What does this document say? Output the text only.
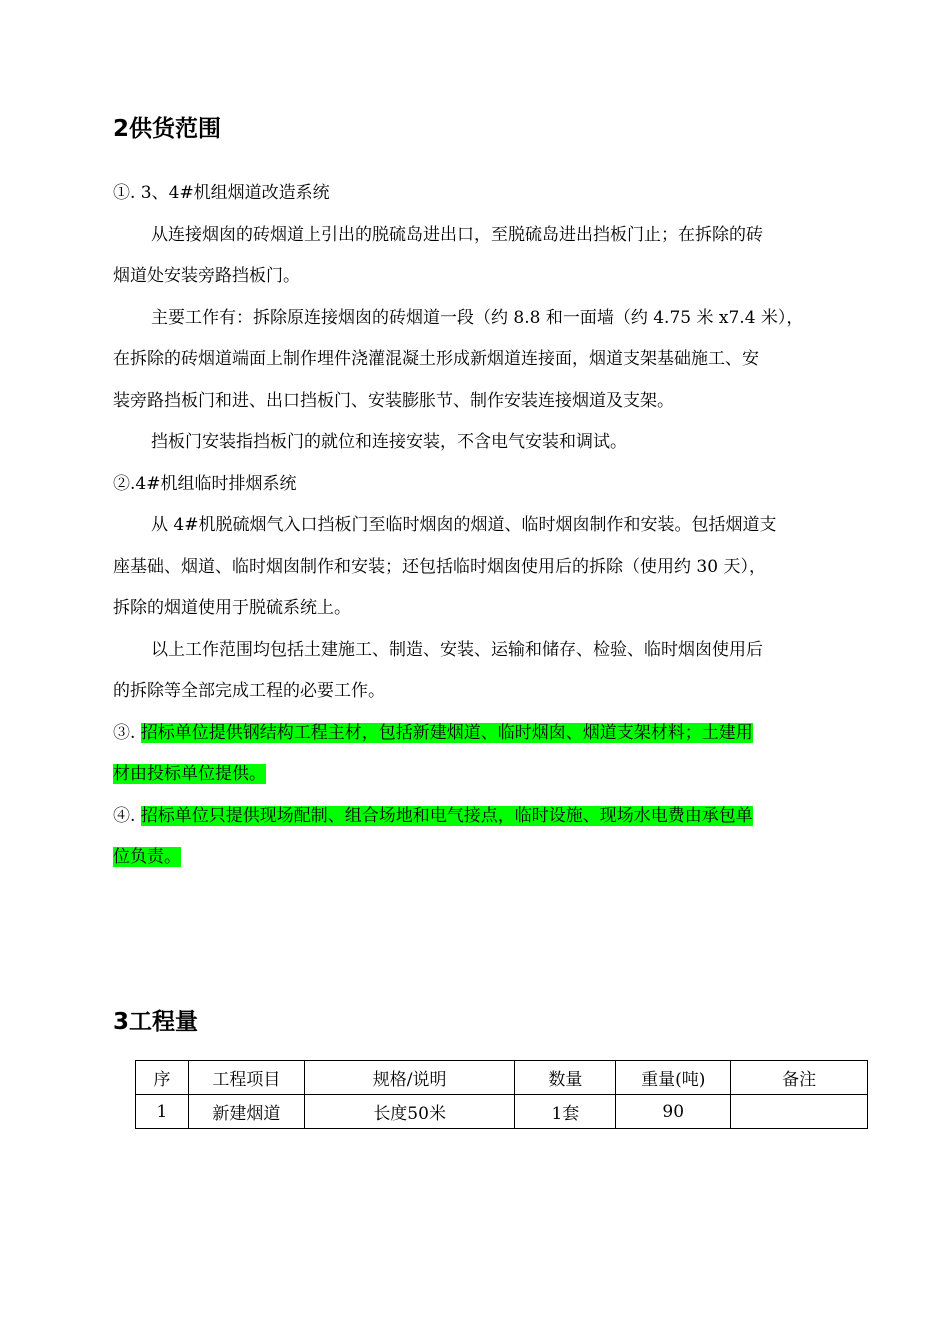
2供货范围
①. 3、4#机组烟道改造系统
从连接烟囱的砖烟道上引出的脱硫岛进出口，至脱硫岛进出挡板门止；在拆除的砖
烟道处安装旁路挡板门。
主要工作有：拆除原连接烟囱的砖烟道一段（约 8.8 和一面墙（约 4.75 米 x7.4 米），
在拆除的砖烟道端面上制作埋件浇灌混凝土形成新烟道连接面，烟道支架基础施工、安
装旁路挡板门和进、出口挡板门、安装膨胀节、制作安装连接烟道及支架。
挡板门安装指挡板门的就位和连接安装，不含电气安装和调试。
②.4#机组临时排烟系统
从 4#机脱硫烟气入口挡板门至临时烟囱的烟道、临时烟囱制作和安装。包括烟道支
座基础、烟道、临时烟囱制作和安装；还包括临时烟囱使用后的拆除（使用约 30 天），
拆除的烟道使用于脱硫系统上。
以上工作范围均包括土建施工、制造、安装、运输和储存、检验、临时烟囱使用后
的拆除等全部完成工程的必要工作。
③. 招标单位提供钢结构工程主材，包括新建烟道、临时烟囱、烟道支架材料；土建用
材由投标单位提供。
④. 招标单位只提供现场配制、组合场地和电气接点，临时设施、现场水电费由承包单
位负责。
3工程量
序	工程项目	规格/说明	数量	重量(吨)	备注
1	新建烟道	长度50米	1套	90	
